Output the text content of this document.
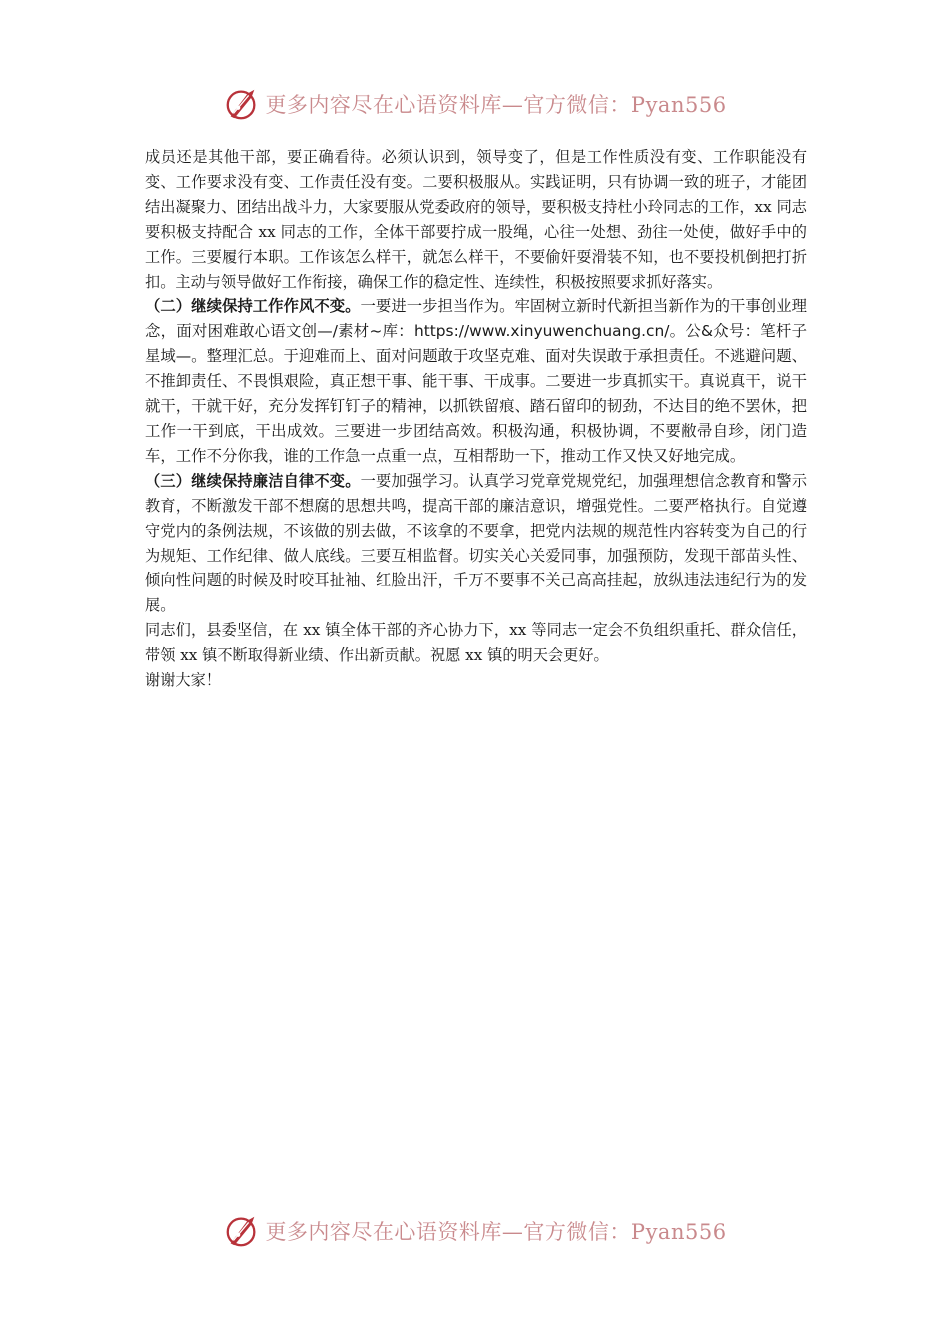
更多内容尽在心语资料库—官方微信：Pyan556

成员还是其他干部，要正确看待。必须认识到，领导变了，但是工作性质没有变、工作职能没有变、工作要求没有变、工作责任没有变。二要积极服从。实践证明，只有协调一致的班子，才能团结出凝聚力、团结出战斗力，大家要服从党委政府的领导，要积极支持杜小玲同志的工作，xx 同志要积极支持配合 xx 同志的工作，全体干部要拧成一股绳，心往一处想、劲往一处使，做好手中的工作。三要履行本职。工作该怎么样干，就怎么样干，不要偷奸耍滑装不知，也不要投机倒把打折扣。主动与领导做好工作衔接，确保工作的稳定性、连续性，积极按照要求抓好落实。

（二）继续保持工作作风不变。一要进一步担当作为。牢固树立新时代新担当新作为的干事创业理念，面对困难敢心语文创—/素材~库：https://www.xinyuwenchuang.cn/。公&众号：笔杆子星域—。整理汇总。于迎难而上、面对问题敢于攻坚克难、面对失误敢于承担责任。不逃避问题、不推卸责任、不畏惧艰险，真正想干事、能干事、干成事。二要进一步真抓实干。真说真干，说干就干，干就干好，充分发挥钉钉子的精神，以抓铁留痕、踏石留印的韧劲，不达目的绝不罢休，把工作一干到底，干出成效。三要进一步团结高效。积极沟通，积极协调，不要敝帚自珍，闭门造车，工作不分你我，谁的工作急一点重一点，互相帮助一下，推动工作又快又好地完成。

（三）继续保持廉洁自律不变。一要加强学习。认真学习党章党规党纪，加强理想信念教育和警示教育，不断激发干部不想腐的思想共鸣，提高干部的廉洁意识，增强党性。二要严格执行。自觉遵守党内的条例法规，不该做的别去做，不该拿的不要拿，把党内法规的规范性内容转变为自己的行为规矩、工作纪律、做人底线。三要互相监督。切实关心关爱同事，加强预防，发现干部苗头性、倾向性问题的时候及时咬耳扯袖、红脸出汗，千万不要事不关己高高挂起，放纵违法违纪行为的发展。

同志们，县委坚信，在 xx 镇全体干部的齐心协力下，xx 等同志一定会不负组织重托、群众信任，带领 xx 镇不断取得新业绩、作出新贡献。祝愿 xx 镇的明天会更好。

谢谢大家！

更多内容尽在心语资料库—官方微信：Pyan556
